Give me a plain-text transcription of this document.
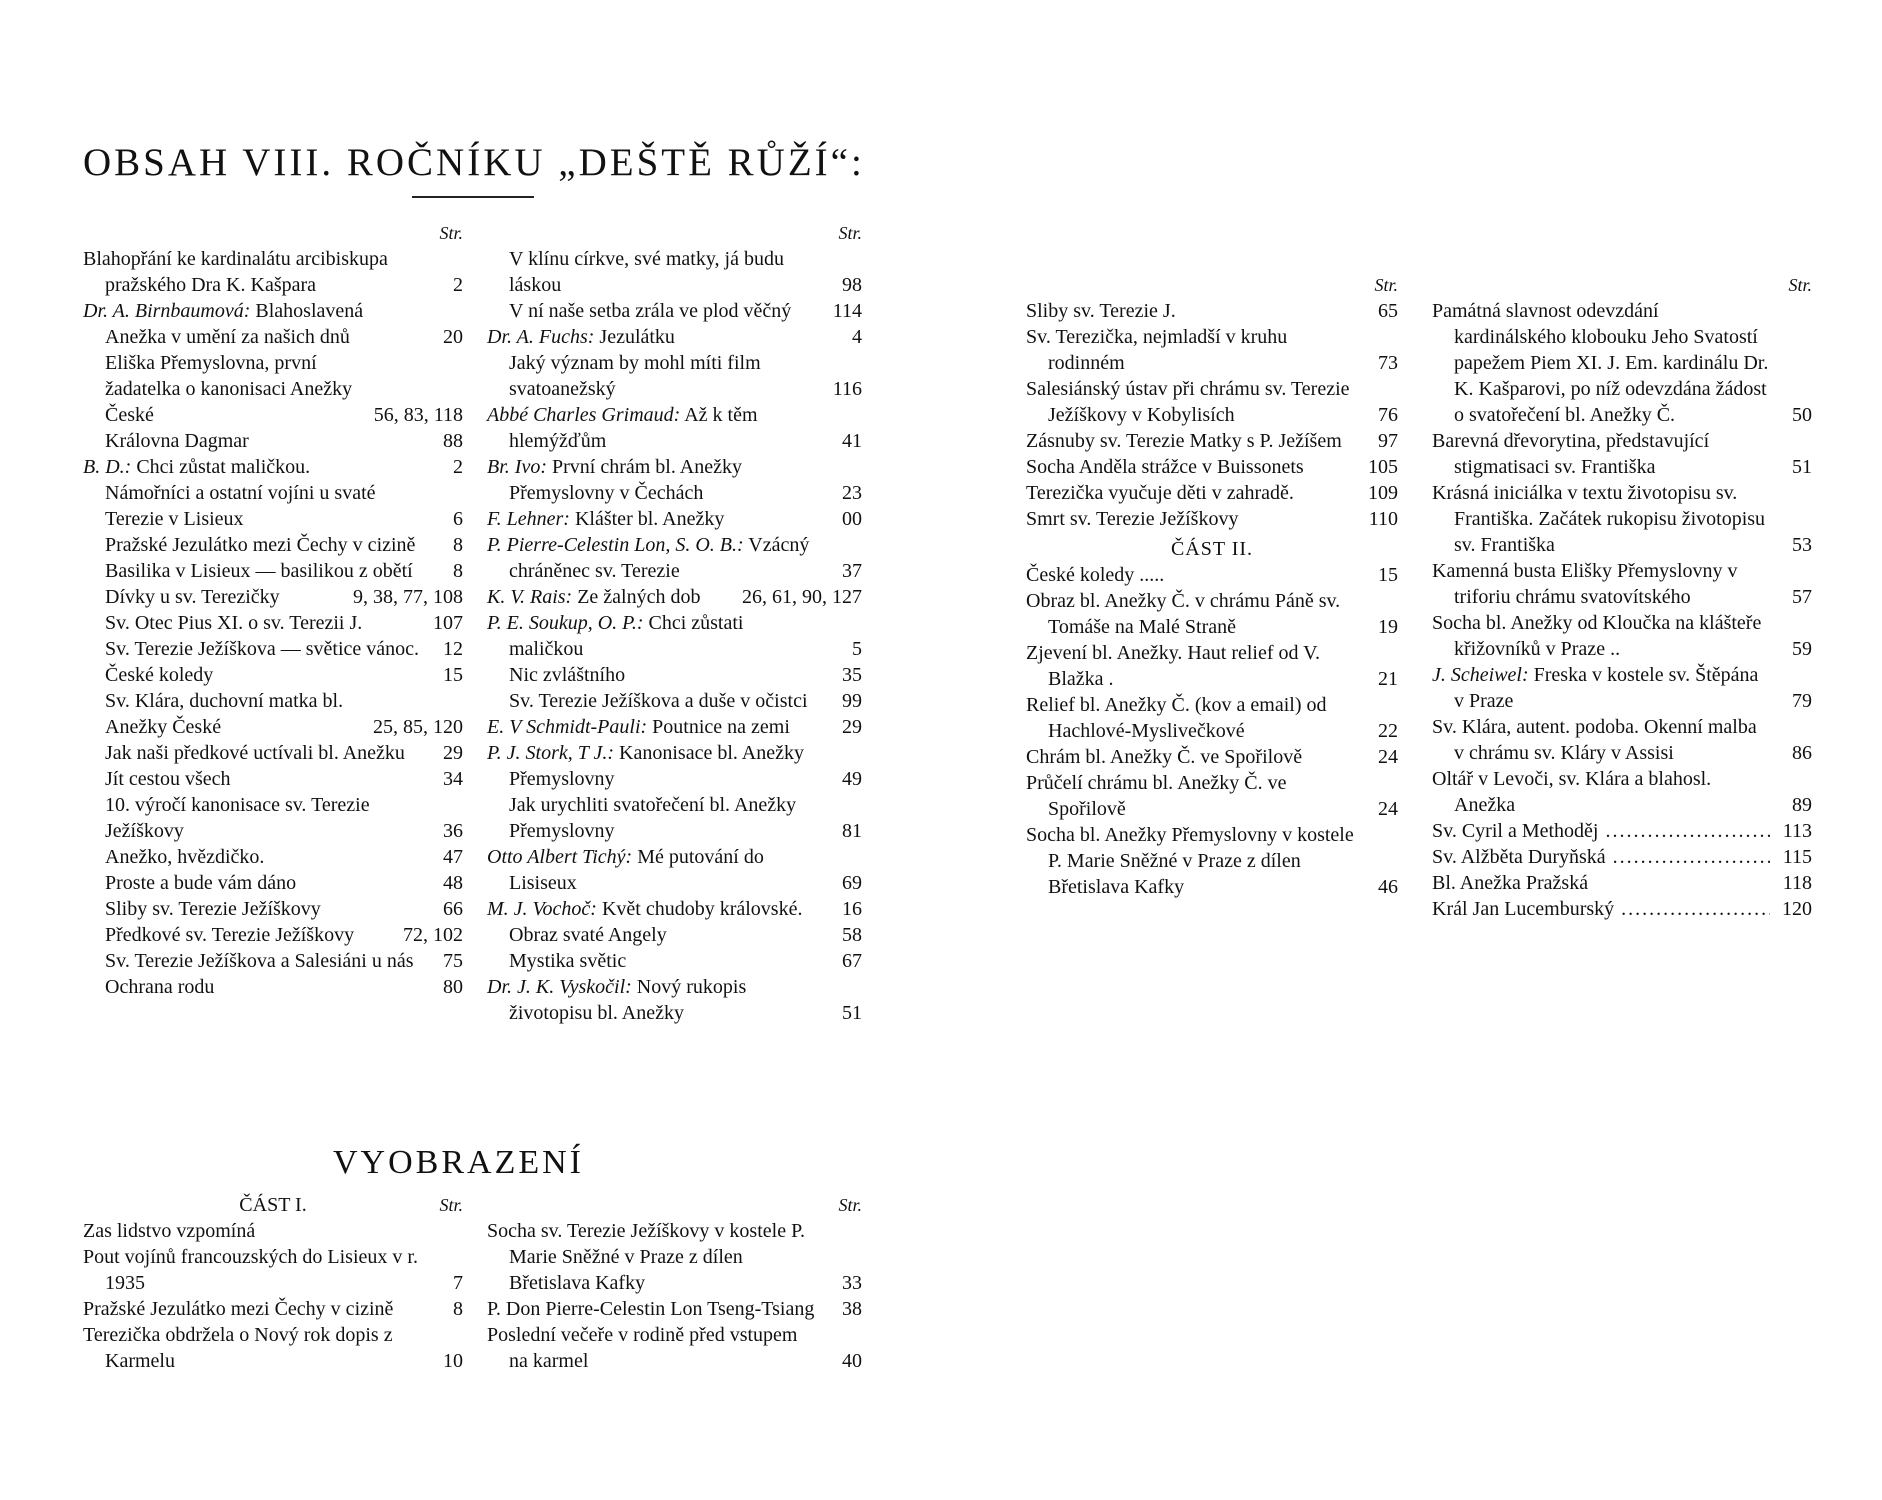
OBSAH VIII. ROČNÍKU „DEŠTĚ RŮŽÍ“:
Str.
Blahopřání ke kardinalátu arcibiskupa pražského Dra K. Kašpara	2
Dr. A. Birnbaumová: Blahoslavená Anežka v umění za našich dnů	20
Eliška Přemyslovna, první žadatelka o kanonisaci Anežky České	56, 83, 118
Královna Dagmar	88
B. D.: Chci zůstat maličkou.	2
Námořníci a ostatní vojíni u svaté Terezie v Lisieux	6
Pražské Jezulátko mezi Čechy v cizině	8
Basilika v Lisieux — basilikou z obětí	8
Dívky u sv. Terezičky	9, 38, 77, 108
Sv. Otec Pius XI. o sv. Terezii J.	107
Sv. Terezie Ježíškova — světice vánoc.	12
České koledy	15
Sv. Klára, duchovní matka bl. Anežky České	25, 85, 120
Jak naši předkové uctívali bl. Anežku	29
Jít cestou všech	34
10. výročí kanonisace sv. Terezie Ježíškovy	36
Anežko, hvězdičko.	47
Proste a bude vám dáno	48
Sliby sv. Terezie Ježíškovy	66
Předkové sv. Terezie Ježíškovy	72, 102
Sv. Terezie Ježíškova a Salesiáni u nás	75
Ochrana rodu	80
Str.
V klínu církve, své matky, já budu láskou	98
V ní naše setba zrála ve plod věčný	114
Dr. A. Fuchs: Jezulátku	4
Jaký význam by mohl míti film svatoanežský	116
Abbé Charles Grimaud: Až k těm hlemýžďům	41
Br. Ivo: První chrám bl. Anežky Přemyslovny v Čechách	23
F. Lehner: Klášter bl. Anežky	00
P. Pierre-Celestin Lon, S. O. B.: Vzácný chráněnec sv. Terezie	37
K. V. Rais: Ze žalných dob	26, 61, 90, 127
P. E. Soukup, O. P.: Chci zůstati maličkou	5
Nic zvláštního	35
Sv. Terezie Ježíškova a duše v očistci	99
E. V Schmidt-Pauli: Poutnice na zemi	29
P. J. Stork, T J.: Kanonisace bl. Anežky Přemyslovny	49
Jak urychliti svatořečení bl. Anežky Přemyslovny	81
Otto Albert Tichý: Mé putování do Lisiseux	69
M. J. Vochoč: Květ chudoby královské.	16
Obraz svaté Angely	58
Mystika světic	67
Dr. J. K. Vyskočil: Nový rukopis životopisu bl. Anežky	51
VYOBRAZENÍ
ČÁST I.	Str.
Zas lidstvo vzpomíná
Pout vojínů francouzských do Lisieux v r. 1935	7
Pražské Jezulátko mezi Čechy v cizině	8
Terezička obdržela o Nový rok dopis z Karmelu	10
Str.
Socha sv. Terezie Ježíškovy v kostele P. Marie Sněžné v Praze z dílen Břetislava Kafky	33
P. Don Pierre-Celestin Lon Tseng-Tsiang	38
Poslední večeře v rodině před vstupem na karmel	40
Str.
Sliby sv. Terezie J.	65
Sv. Terezička, nejmladší v kruhu rodinném	73
Salesiánský ústav při chrámu sv. Terezie Ježíškovy v Kobylisích	76
Zásnuby sv. Terezie Matky s P. Ježíšem	97
Socha Anděla strážce v Buissonets	105
Terezička vyučuje děti v zahradě.	109
Smrt sv. Terezie Ježíškovy	110
ČÁST II.
České koledy .....	15
Obraz bl. Anežky Č. v chrámu Páně sv. Tomáše na Malé Straně	19
Zjevení bl. Anežky. Haut relief od V. Blažka .	21
Relief bl. Anežky Č. (kov a email) od Hachlové-Myslivečkové	22
Chrám bl. Anežky Č. ve Spořilově	24
Průčelí chrámu bl. Anežky Č. ve Spořilově	24
Socha bl. Anežky Přemyslovny v kostele P. Marie Sněžné v Praze z dílen Břetislava Kafky	46
Str.
Památná slavnost odevzdání kardinálského klobouku Jeho Svatostí papežem Piem XI. J. Em. kardinálu Dr. K. Kašparovi, po níž odevzdána žádost o svatořečení bl. Anežky Č.	50
Barevná dřevorytina, představující stigmatisaci sv. Františka	51
Krásná iniciálka v textu životopisu sv. Františka. Začátek rukopisu životopisu sv. Františka	53
Kamenná busta Elišky Přemyslovny v triforiu chrámu svatovítského	57
Socha bl. Anežky od Kloučka na klášteře křižovníků v Praze ..	59
J. Scheiwel: Freska v kostele sv. Štěpána v Praze	79
Sv. Klára, autent. podoba. Okenní malba v chrámu sv. Kláry v Assisi	86
Oltář v Levoči, sv. Klára a blahosl. Anežka	89
Sv. Cyril a Methoděj .....	113
Sv. Alžběta Duryňská .....	115
Bl. Anežka Pražská	118
Král Jan Lucemburský .....	120
